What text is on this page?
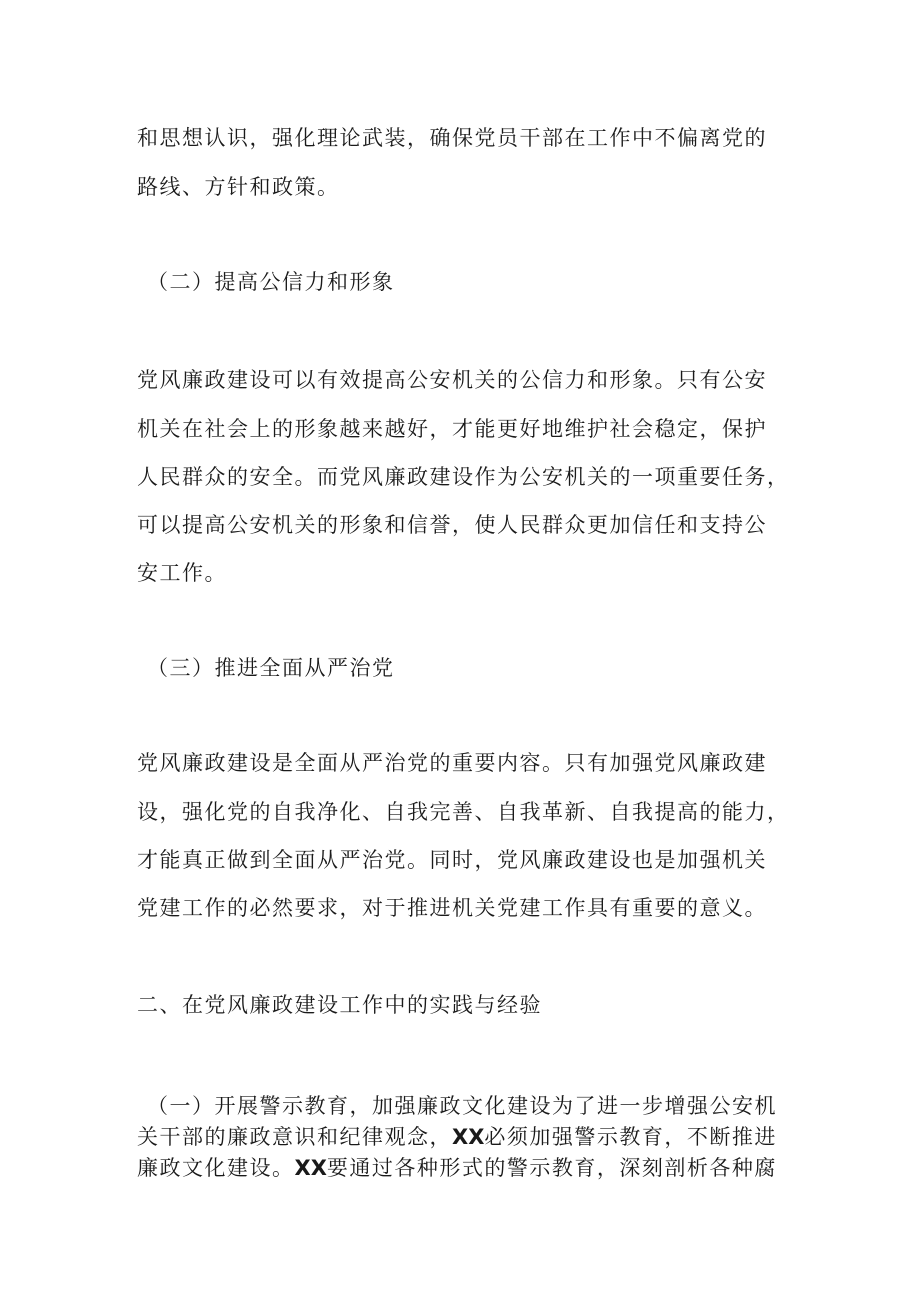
和思想认识，强化理论武装，确保党员干部在工作中不偏离党的
路线、方针和政策。
（二）提高公信力和形象
党风廉政建设可以有效提高公安机关的公信力和形象。只有公安
机关在社会上的形象越来越好，才能更好地维护社会稳定，保护
人民群众的安全。而党风廉政建设作为公安机关的一项重要任务，
可以提高公安机关的形象和信誉，使人民群众更加信任和支持公
安工作。
（三）推进全面从严治党
党风廉政建设是全面从严治党的重要内容。只有加强党风廉政建
设，强化党的自我净化、自我完善、自我革新、自我提高的能力，
才能真正做到全面从严治党。同时，党风廉政建设也是加强机关
党建工作的必然要求，对于推进机关党建工作具有重要的意义。
二、在党风廉政建设工作中的实践与经验
（一）开展警示教育，加强廉政文化建设为了进一步增强公安机
关干部的廉政意识和纪律观念，XX必须加强警示教育，不断推进
廉政文化建设。XX要通过各种形式的警示教育，深刻剖析各种腐
